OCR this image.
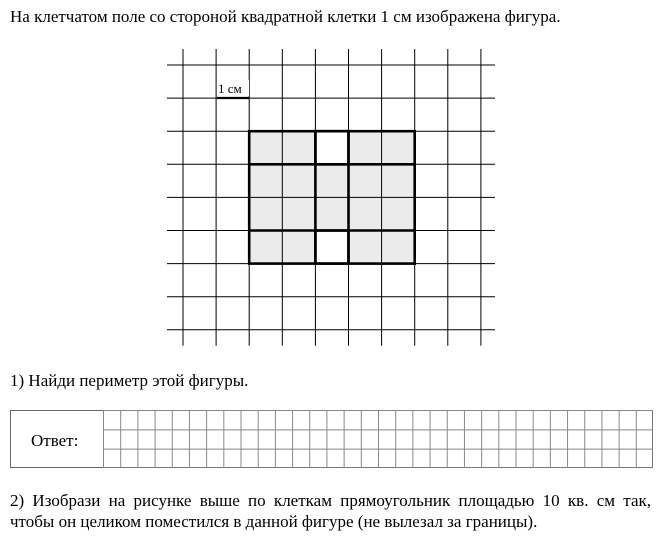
На клетчатом поле со стороной квадратной клетки 1 см изображена фигура.
1 см
1) Найди периметр этой фигуры.
Ответ:
2) Изобрази на рисунке выше по клеткам прямоугольник площадью 10 кв. см так, чтобы он целиком поместился в данной фигуре (не вылезал за границы).
